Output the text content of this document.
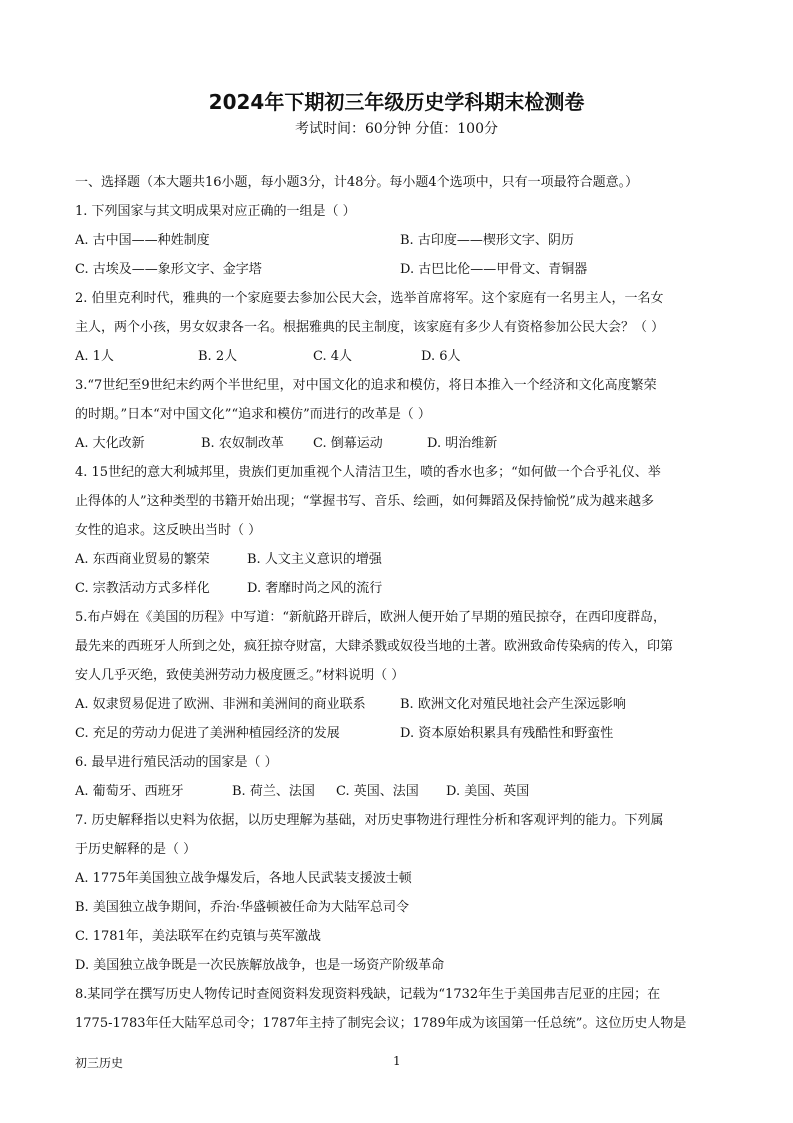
2024年下期初三年级历史学科期末检测卷
考试时间：60分钟 分值：100分
一、选择题（本大题共16小题，每小题3分，计48分。每小题4个选项中，只有一项最符合题意。）
1. 下列国家与其文明成果对应正确的一组是（ ）
A. 古中国——种姓制度	B. 古印度——楔形文字、阴历
C. 古埃及——象形文字、金字塔	D. 古巴比伦——甲骨文、青铜器
2. 伯里克利时代，雅典的一个家庭要去参加公民大会，选举首席将军。这个家庭有一名男主人，一名女
主人，两个小孩，男女奴隶各一名。根据雅典的民主制度，该家庭有多少人有资格参加公民大会？（ ）
A. 1人	B. 2人	C. 4人	D. 6人
3.“7世纪至9世纪末约两个半世纪里，对中国文化的追求和模仿，将日本推入一个经济和文化高度繁荣
的时期。”日本“对中国文化”“追求和模仿”而进行的改革是（ ）
A. 大化改新	B. 农奴制改革	C. 倒幕运动	D. 明治维新
4. 15世纪的意大利城邦里，贵族们更加重视个人清洁卫生，喷的香水也多；“如何做一个合乎礼仪、举
止得体的人”这种类型的书籍开始出现；“掌握书写、音乐、绘画，如何舞蹈及保持愉悦”成为越来越多
女性的追求。这反映出当时（ ）
A. 东西商业贸易的繁荣	B. 人文主义意识的增强
C. 宗教活动方式多样化	D. 奢靡时尚之风的流行
5.布卢姆在《美国的历程》中写道：“新航路开辟后，欧洲人便开始了早期的殖民掠夺，在西印度群岛，
最先来的西班牙人所到之处，疯狂掠夺财富，大肆杀戮或奴役当地的土著。欧洲致命传染病的传入，印第
安人几乎灭绝，致使美洲劳动力极度匮乏。”材料说明（ ）
A. 奴隶贸易促进了欧洲、非洲和美洲间的商业联系	B. 欧洲文化对殖民地社会产生深远影响
C. 充足的劳动力促进了美洲种植园经济的发展	D. 资本原始积累具有残酷性和野蛮性
6. 最早进行殖民活动的国家是（ ）
A. 葡萄牙、西班牙	B. 荷兰、法国	C. 英国、法国	D. 美国、英国
7. 历史解释指以史料为依据，以历史理解为基础，对历史事物进行理性分析和客观评判的能力。下列属
于历史解释的是（ ）
A. 1775年美国独立战争爆发后，各地人民武装支援波士顿
B. 美国独立战争期间，乔治·华盛顿被任命为大陆军总司令
C. 1781年，美法联军在约克镇与英军激战
D. 美国独立战争既是一次民族解放战争，也是一场资产阶级革命
8.某同学在撰写历史人物传记时查阅资料发现资料残缺，记载为“1732年生于美国弗吉尼亚的庄园；在
1775-1783年任大陆军总司令；1787年主持了制宪会议；1789年成为该国第一任总统”。这位历史人物是
初三历史	1
